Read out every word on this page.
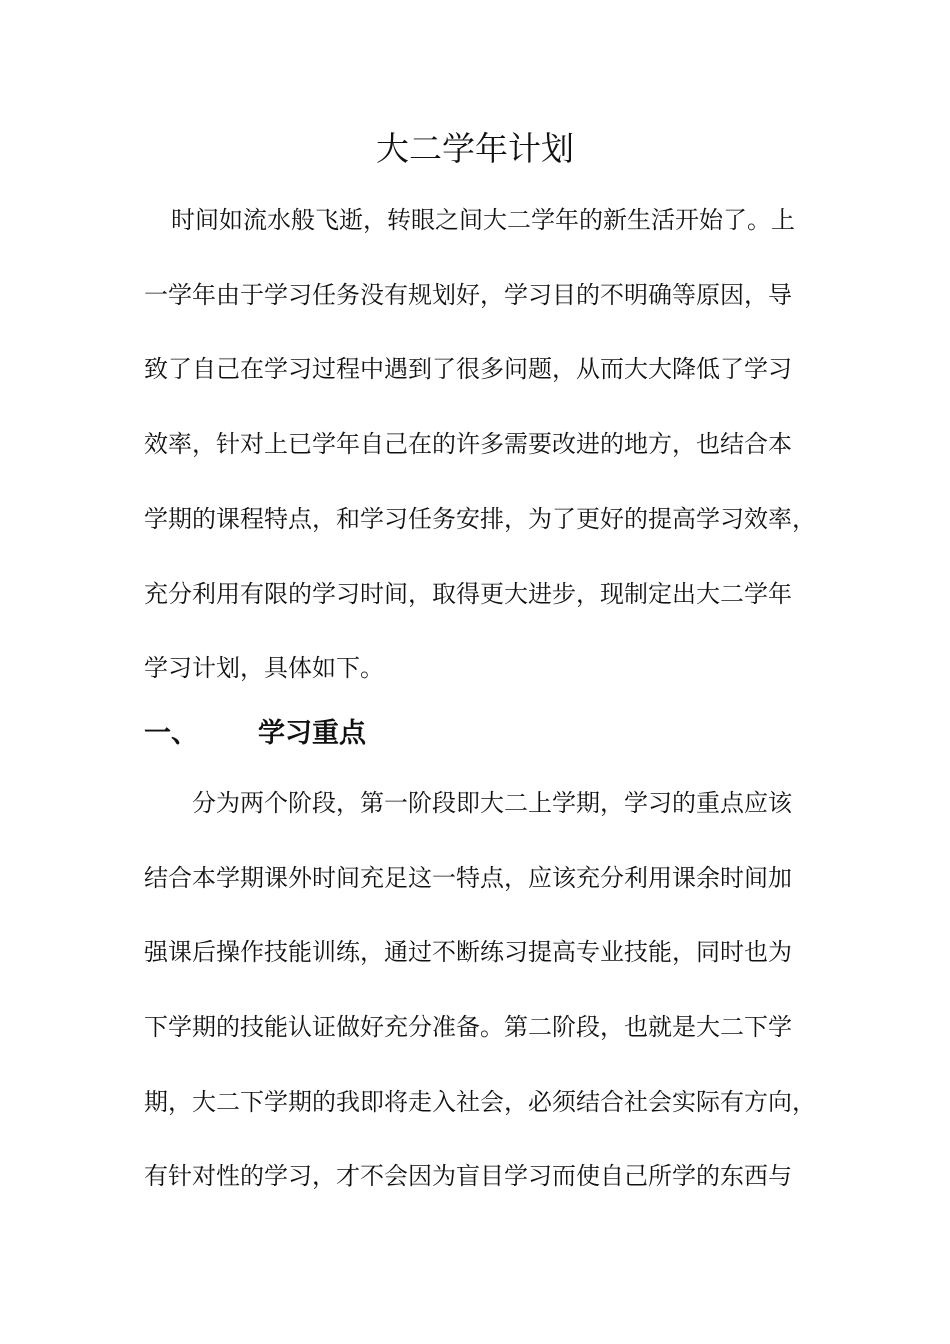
大二学年计划
时间如流水般飞逝，转眼之间大二学年的新生活开始了。上
一学年由于学习任务没有规划好，学习目的不明确等原因，导
致了自己在学习过程中遇到了很多问题，从而大大降低了学习
效率，针对上已学年自己在的许多需要改进的地方，也结合本
学期的课程特点，和学习任务安排，为了更好的提高学习效率，
充分利用有限的学习时间，取得更大进步，现制定出大二学年
学习计划，具体如下。
一、 学习重点
分为两个阶段，第一阶段即大二上学期，学习的重点应该
结合本学期课外时间充足这一特点，应该充分利用课余时间加
强课后操作技能训练，通过不断练习提高专业技能，同时也为
下学期的技能认证做好充分准备。第二阶段，也就是大二下学
期，大二下学期的我即将走入社会，必须结合社会实际有方向，
有针对性的学习，才不会因为盲目学习而使自己所学的东西与
